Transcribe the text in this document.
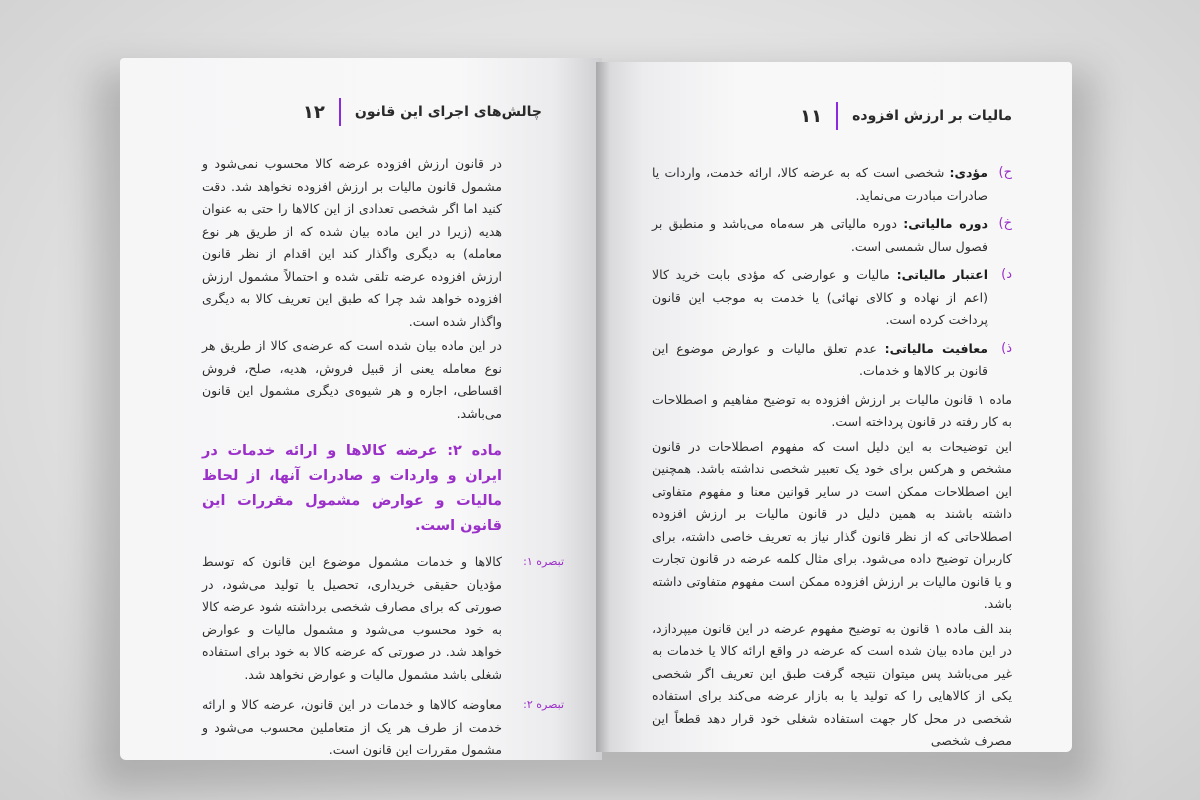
چالش‌های اجرای این قانون
۱۲

در قانون ارزش افزوده عرضه کالا محسوب نمی‌شود و مشمول قانون مالیات بر ارزش افزوده نخواهد شد. دقت کنید اما اگر شخصی تعدادی از این کالاها را حتی به عنوان هدیه (زیرا در این ماده بیان شده که از طریق هر نوع معامله) به دیگری واگذار کند این اقدام از نظر قانون ارزش افزوده عرضه تلقی شده و احتمالاً مشمول ارزش افزوده خواهد شد چرا که طبق این تعریف کالا به دیگری واگذار شده است.

در این ماده بیان شده است که عرضه‌ی کالا از طریق هر نوع معامله یعنی از قبیل فروش، هدیه، صلح، فروش اقساطی، اجاره و هر شیوه‌ی دیگری مشمول این قانون می‌باشد.

ماده ۲: عرضه کالاها و ارائه خدمات در ایران و واردات و صادرات آنها، از لحاظ مالیات و عوارض مشمول مقررات این قانون است.
تبصره ۱:
کالاها و خدمات مشمول موضوع این قانون که توسط مؤدیان حقیقی خریداری، تحصیل یا تولید می‌شود، در صورتی که برای مصارف شخصی برداشته شود عرضه کالا به خود محسوب می‌شود و مشمول مالیات و عوارض خواهد شد. در صورتی که عرضه کالا به خود برای استفاده شغلی باشد مشمول مالیات و عوارض نخواهد شد.
تبصره ۲:
معاوضه کالاها و خدمات در این قانون، عرضه کالا و ارائه خدمت از طرف هر یک از متعاملین محسوب می‌شود و مشمول مقررات این قانون است.
مالیات بر ارزش افزوده
۱۱
ح)
مؤدی: شخصی است که به عرضه کالا، ارائه خدمت، واردات یا صادرات مبادرت می‌نماید.
خ)
دوره مالیاتی: دوره مالیاتی هر سه‌ماه می‌باشد و منطبق بر فصول سال شمسی است.
د)
اعتبار مالیاتی: مالیات و عوارضی که مؤدی بابت خرید کالا (اعم از نهاده و کالای نهائی) یا خدمت به موجب این قانون پرداخت کرده است.
ذ)
معافیت مالیاتی: عدم تعلق مالیات و عوارض موضوع این قانون بر کالاها و خدمات.

ماده ۱ قانون مالیات بر ارزش افزوده به توضیح مفاهیم و اصطلاحات به کار رفته در قانون پرداخته است.

این توضیحات به این دلیل است که مفهوم اصطلاحات در قانون مشخص و هرکس برای خود یک تعبیر شخصی نداشته باشد. همچنین این اصطلاحات ممکن است در سایر قوانین معنا و مفهوم متفاوتی داشته باشند به همین دلیل در قانون مالیات بر ارزش افزوده اصطلاحاتی که از نظر قانون گذار نیاز به تعریف خاصی داشته، برای کاربران توضیح داده می‌شود. برای مثال کلمه عرضه در قانون تجارت و یا قانون مالیات بر ارزش افزوده ممکن است مفهوم متفاوتی داشته باشد.

بند الف ماده ۱ قانون به توضیح مفهوم عرضه در این قانون میپردازد، در این ماده بیان شده است که عرضه در واقع ارائه کالا یا خدمات به غیر می‌باشد پس میتوان نتیجه گرفت طبق این تعریف اگر شخصی یکی از کالاهایی را که تولید یا به بازار عرضه می‌کند برای استفاده شخصی در محل کار جهت استفاده شغلی خود قرار دهد قطعاً این مصرف شخصی
